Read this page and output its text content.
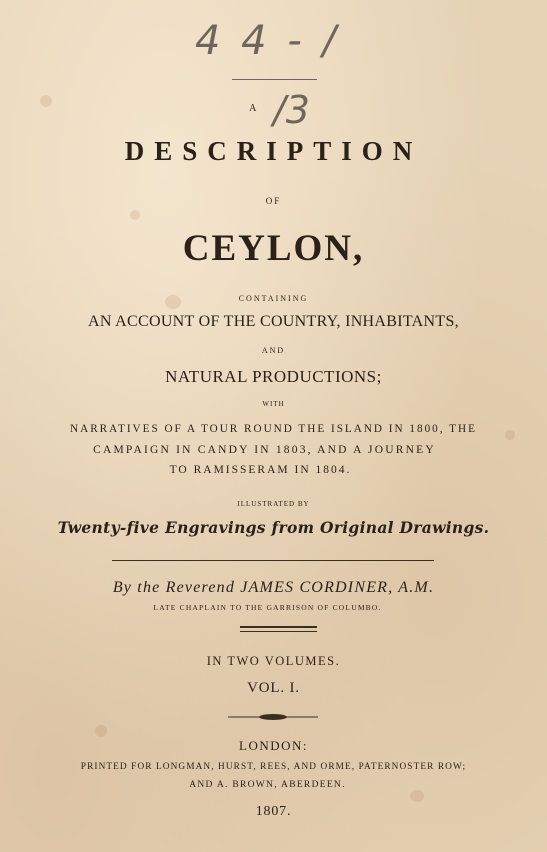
4 4 - /
/3
A
DESCRIPTION
OF
CEYLON,
CONTAINING
AN ACCOUNT OF THE COUNTRY, INHABITANTS,
AND
NATURAL PRODUCTIONS;
WITH
NARRATIVES OF A TOUR ROUND THE ISLAND IN 1800, THE
CAMPAIGN IN CANDY IN 1803, AND A JOURNEY
TO RAMISSERAM IN 1804.
ILLUSTRATED BY
Twenty-five Engravings from Original Drawings.
By the Reverend JAMES CORDINER, A.M.
LATE CHAPLAIN TO THE GARRISON OF COLUMBO.
IN TWO VOLUMES.
VOL. I.
LONDON:
PRINTED FOR LONGMAN, HURST, REES, AND ORME, PATERNOSTER ROW;
AND A. BROWN, ABERDEEN.
1807.
